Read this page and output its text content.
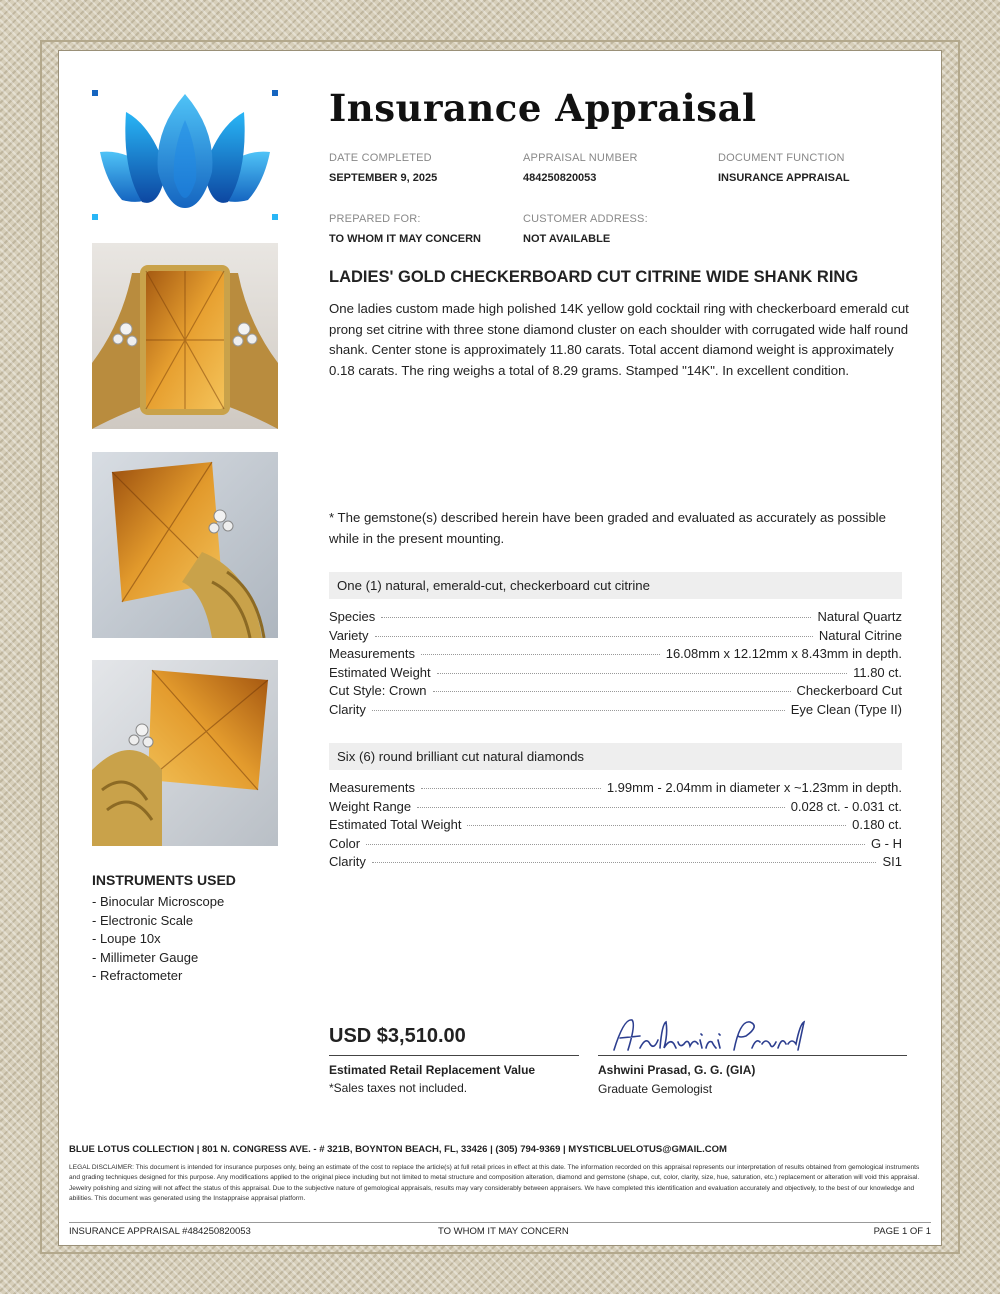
Insurance Appraisal
DATE COMPLETED
SEPTEMBER 9, 2025
APPRAISAL NUMBER
484250820053
DOCUMENT FUNCTION
INSURANCE APPRAISAL
PREPARED FOR:
TO WHOM IT MAY CONCERN
CUSTOMER ADDRESS:
NOT AVAILABLE
LADIES' GOLD CHECKERBOARD CUT CITRINE WIDE SHANK RING
One ladies custom made high polished 14K yellow gold cocktail ring with checkerboard emerald cut prong set citrine with three stone diamond cluster on each shoulder with corrugated wide half round shank. Center stone is approximately 11.80 carats. Total accent diamond weight is approximately 0.18 carats. The ring weighs a total of 8.29 grams. Stamped "14K". In excellent condition.
* The gemstone(s) described herein have been graded and evaluated as accurately as possible while in the present mounting.
One (1) natural, emerald-cut, checkerboard cut citrine
Species	Natural Quartz
Variety	Natural Citrine
Measurements	16.08mm x 12.12mm x 8.43mm in depth.
Estimated Weight	11.80 ct.
Cut Style: Crown	Checkerboard Cut
Clarity	Eye Clean (Type II)
Six (6) round brilliant cut natural diamonds
Measurements	1.99mm - 2.04mm in diameter x ~1.23mm in depth.
Weight Range	0.028 ct. - 0.031 ct.
Estimated Total Weight	0.180 ct.
Color	G - H
Clarity	SI1
INSTRUMENTS USED
- Binocular Microscope
- Electronic Scale
- Loupe 10x
- Millimeter Gauge
- Refractometer
USD $3,510.00
Estimated Retail Replacement Value
*Sales taxes not included.
Ashwini Prasad, G. G. (GIA)
Graduate Gemologist
BLUE LOTUS COLLECTION | 801 N. CONGRESS AVE. - # 321B, BOYNTON BEACH, FL, 33426 | (305) 794-9369 | MYSTICBLUELOTUS@GMAIL.COM
LEGAL DISCLAIMER: This document is intended for insurance purposes only, being an estimate of the cost to replace the article(s) at full retail prices in effect at this date. The information recorded on this appraisal represents our interpretation of results obtained from gemological instruments and grading techniques designed for this purpose. Any modifications applied to the original piece including but not limited to metal structure and composition alteration, diamond and gemstone (shape, cut, color, clarity, size, hue, saturation, etc.) replacement or alteration will void this appraisal. Jewelry polishing and sizing will not affect the status of this appraisal. Due to the subjective nature of gemological appraisals, results may vary considerably between appraisers. We have completed this identification and evaluation accurately and objectively, to the best of our knowledge and abilities. This document was generated using the Instappraise appraisal platform.
INSURANCE APPRAISAL #484250820053	TO WHOM IT MAY CONCERN	PAGE 1 OF 1
